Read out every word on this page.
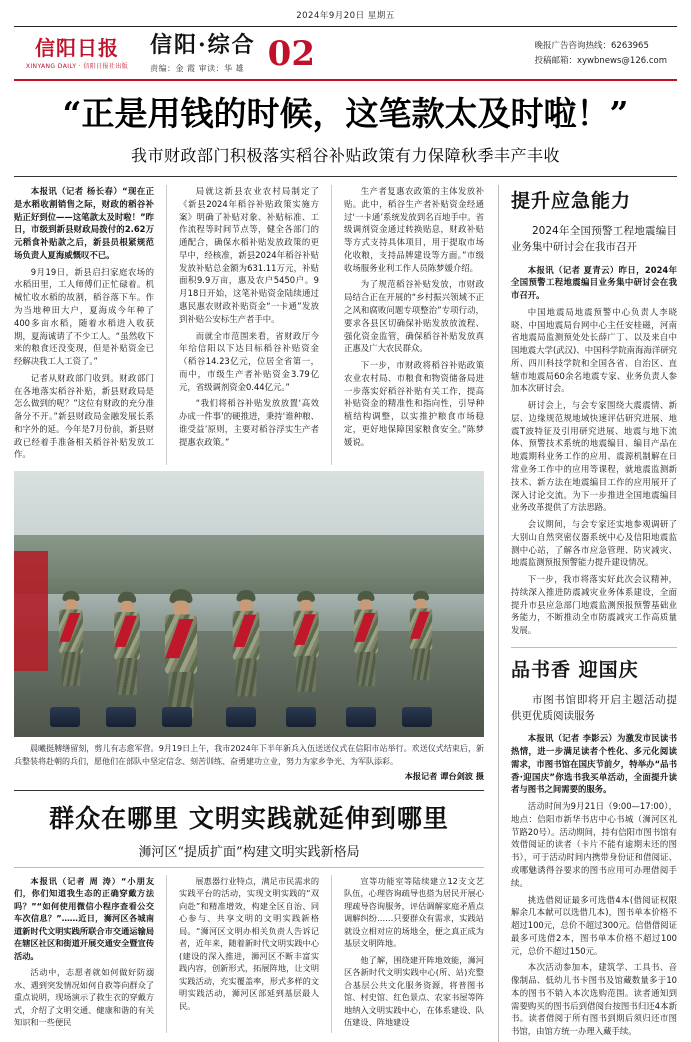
2024年9月20日 星期五
信阳日报
XINYANG DAILY · 信阳日报社出版
信阳·综合
责编：金 霞 审读：华 雄 02	晚报广告咨询热线：6263965
投稿邮箱：xywbnews@126.com
“正是用钱的时候，这笔款太及时啦！”
我市财政部门积极落实稻谷补贴政策有力保障秋季丰产丰收

本报讯（记者 杨长春）“现在正是水稻收割销售之际，财政的稻谷补贴正好到位——这笔款太及时啦！”昨日，市级到新县财政局拨付的2.62万元稻食补贴款之后，新县员根紧规范场负责人夏海威慨叹不已。

9月19日，新县启扫家庭农场的水稻田里，工人师傅们正忙碌着。机械忙收水稻的故割，稻谷落下车。作为当地种田大户，夏海成今年种了400多亩水稻，随着水稻进入收获期，夏海诚请了不少工人。“虽然收下来的粮食还没变现，但是补贴资金已经解决我工人工资了。”

记者从财政部门收到。财政部门在各地落实稻谷补贴，新县财政局是怎么做到的呢？”这位有财政的充分准备分不开。”新县财政局金融发展长系和字外的延。今年是7月份前，新县财政已经着手准备相关稻谷补贴发放工作。

局就这新县农业农村局制定了《新县2024年稻谷补贴政策实施方案》明确了补贴对象、补贴标准、工作流程等时间节点等，健全各部门的通配合，确保水稻补贴发放政策的更早中，经核准，新县2024年稻谷补贴发放补贴总金额为631.11万元，补贴面积9.9万亩，惠及农户5450户。9月18日开始，这笔补贴资金陆续通过惠民惠农财政补贴资金“一卡通”发放到补贴公安标生产者手中。

而就全市范围来看，省财政厅今年给信阳以下达目标稻谷补贴资金（稻谷14.23亿元，位居全省第一，而中，市级生产者补贴资金3.79亿元，省级调剂资金0.44亿元。”

“我们将稻谷补贴发放放置‘高效办成一件事’的硬推进，秉持‘谁种粮、谁受益’原则，主要对稻谷浮实生产者提惠农政策。”

生产者复惠农政策的主体发放补贴。此中，稻谷生产者补贴资金经通过‘一卡通’系统发放到名百地手中。省级调剂资金通过转换贴息，财政补贴等方式支持具体项目，用于提取市场化收粮，支持品牌建设等方面。”市级收场服务业利工作人员陈梦媛介绍。

为了规范稻谷补贴发放，市财政局结合正在开展的“乡村振兴领域不正之风和腐败问题专项整治”专项行动，要求各县区切确保补贴发放放流程、强化资金监管，确保稻谷补贴发放真正惠及广大农民群众。

下一步，市财政将稻谷补贴政策农业农村局、市粮食和物资储备局进一步落实好稻谷补贴有关工作，提高补贴资金的精准性和指向性，引导种植结构调整，以实推护粮食市场稳定，更好地保障国家粮食安全。”陈梦媛说。

晨曦挺膊缮留刻，剪儿有志愈军营。9月19日上午，我市2024年下半年新兵入伍送送仪式在信阳市站举行。欢送仪式结束后，新兵整装将赴朝的兵们，愿他们在部队中坚定信念、刻苦训练、奋勇建功立业，努力为家乡争光、为军队添彩。
本报记者 谭台剑波 摄
群众在哪里 文明实践就延伸到哪里
浉河区“提质扩面”构建文明实践新格局

本报讯（记者 周 涛）“小朋友们，你们知道我生态的正确穿戴方法吗？”“如何使用微信小程序查看公交车次信息？”……近日，浉河区各城南道新时代文明实践所联合市交通运输局在辖区社区和街道开展交通安全暨宣传活动。

活动中，志愿者就如何做好防溺水、遇到突发情况如何自救等向群众了重点说明，现场演示了救生衣的穿戴方式，介绍了文明交通、健康和谐的有关知识和一些便民

展惠器行业特点，满足市民需求的实践平台的活动，实现文明实践的“双向赴”和精准增效，构建全区自治、同心参与、共享文明的文明实践新格局。“浉河区文明办相关负责人告诉记者，近年来，随着新时代文明实践中心(建设的深入推进，浉河区不断丰富实践内容，创新形式，拓展阵地，让文明实践活动，充实覆盖率，形式多样的文明实践活动，浉河区部延到基层最人民。

宣等功能室等陆续建立12支文艺队伍，心理咨询疏导也搭为居民开展心理疏导咨询服务，评估调解家庭矛盾点调解纠纷……只要群众有需求，实践站就设立相对应的场地全，便之真正成为基层文明阵地。

他了解，围绕建开阵地效能，浉河区各新时代文明实践中心(所、站)充整合基层公共文化服务资源，将普图书馆、村史馆、红色景点、农家书屋等阵地纳入文明实践中心，在体系建设、队伍建设、阵地建设

提升应急能力
2024年全国预警工程地震编目业务集中研讨会在我市召开

本报讯（记者 夏青云）昨日，2024年全国预警工程地震编目业务集中研讨会在我市召开。

中国地震局地震预警中心负责人李晓晓、中国地震局台网中心主任安桂磁，河南省地震局监测预处处长薛广丁、以及来自中国地震大学(武汉)、中国科学院南海海洋研究所、四川科技学院和全国各省、自治区、直辖市地震局60余名地震专家、业务负责人参加本次研讨会。

研讨会上，与会专家围绕大震震情、新层、边缘规范规地域快速评估研究进展、地震T波特征及引用研究进展、地震与地下流体、预警技术系统的地震编目、编目产品在地震期科业务工作的应用、震源机制解在日常业务工作中的应用等课程，就地震监测新技术、新方法在地震编目工作的应用展开了深入讨论交流。为下一步推进全国地震编目业务改革提供了方法思路。

会议期间，与会专家还实地参观调研了大别山自然突密仪器系统中心及信阳地震监测中心站，了解各市应急管理、防灾减灾、地震监测预报预警能力提升建设情况。

下一步，我市将落实好此次会议精神，持续深入推进防震减灾业务体系建设，全面提升市县应急部门地震监测预报预警基础业务能力，不断推动全市防震减灾工作高质量发展。

品书香 迎国庆
市图书馆即将开启主题活动提供更优质阅读服务

本报讯（记者 李影云）为激发市民读书热情，进一步满足读者个性化、多元化阅读需求，市图书馆在国庆节前夕，特举办“品书香·迎国庆”你选书我买单活动，全面提升读者与图书之间需要的服务。

活动时间为9月21日（9:00—17:00），地点：信阳市新华书店中心书城（浉河区礼节路20号）。活动期间，持有信阳市图书馆有效借阅证的读者（卡片不能有逾期未还的图书），可于活动时间内携带身份证和借阅证、或哪魅诱得谷要求的图书应用可办理借阅手续。

挑选借阅证最多可选借4本(借阅证权限解余几本献可以选借几本)，图书单本价格不超过100元，总价不超过300元。信借借阅证最多可选借2本，图书单本价格不超过100元，总价不超过150元。

本次活动参加本，建筑学、工具书、音像制品、低幼儿书卡图书及馆藏数量多于10本的图书不销入本次选购范围。读者通知到需要购买的图书后到借阅台按图书归还4本新书。读者借阅于所有图书到期后须归还市图书馆，由馆方统一办理入藏手续。
